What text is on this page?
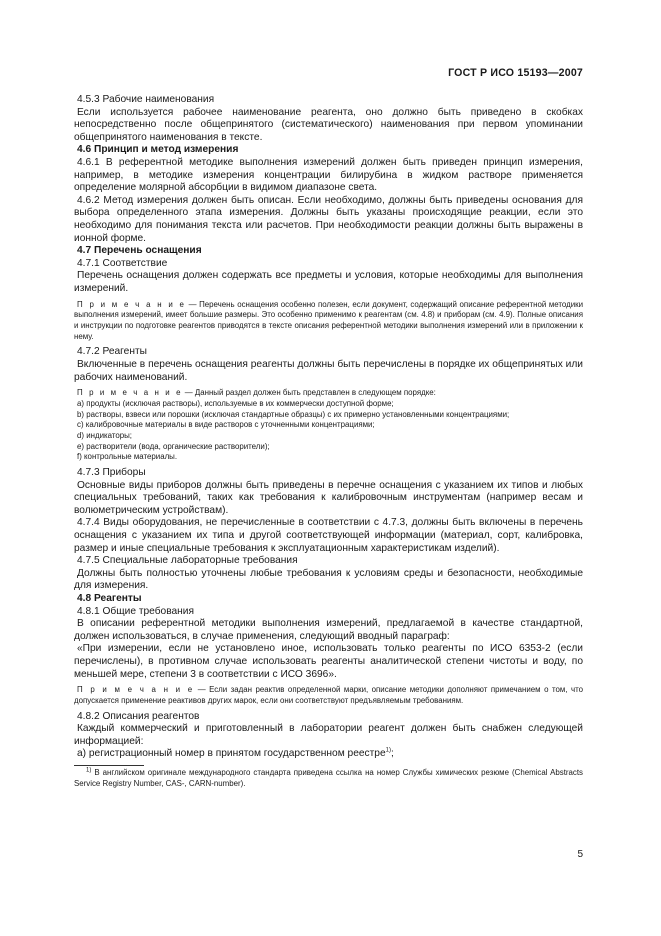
ГОСТ Р ИСО 15193—2007

4.5.3 Рабочие наименования

Если используется рабочее наименование реагента, оно должно быть приведено в скобках непосредственно после общепринятого (систематического) наименования при первом упоминании общепринятого наименования в тексте.

4.6 Принцип и метод измерения

4.6.1 В референтной методике выполнения измерений должен быть приведен принцип измерения, например, в методике измерения концентрации билирубина в жидком растворе применяется определение молярной абсорбции в видимом диапазоне света.

4.6.2 Метод измерения должен быть описан. Если необходимо, должны быть приведены основания для выбора определенного этапа измерения. Должны быть указаны происходящие реакции, если это необходимо для понимания текста или расчетов. При необходимости реакции должны быть выражены в ионной форме.

4.7 Перечень оснащения

4.7.1 Соответствие

Перечень оснащения должен содержать все предметы и условия, которые необходимы для выполнения измерений.

П р и м е ч а н и е — Перечень оснащения особенно полезен, если документ, содержащий описание референтной методики выполнения измерений, имеет большие размеры. Это особенно применимо к реагентам (см. 4.8) и приборам (см. 4.9). Полные описания и инструкции по подготовке реагентов приводятся в тексте описания референтной методики выполнения измерений или в приложении к нему.

4.7.2 Реагенты

Включенные в перечень оснащения реагенты должны быть перечислены в порядке их общепринятых или рабочих наименований.

П р и м е ч а н и е — Данный раздел должен быть представлен в следующем порядке:

a) продукты (исключая растворы), используемые в их коммерчески доступной форме;

b) растворы, взвеси или порошки (исключая стандартные образцы) с их примерно установленными концентрациями;

c) калибровочные материалы в виде растворов с уточненными концентрациями;

d) индикаторы;

e) растворители (вода, органические растворители);

f) контрольные материалы.

4.7.3 Приборы

Основные виды приборов должны быть приведены в перечне оснащения с указанием их типов и любых специальных требований, таких как требования к калибровочным инструментам (например весам и волюметрическим устройствам).

4.7.4 Виды оборудования, не перечисленные в соответствии с 4.7.3, должны быть включены в перечень оснащения с указанием их типа и другой соответствующей информации (материал, сорт, калибровка, размер и иные специальные требования к эксплуатационным характеристикам изделий).

4.7.5 Специальные лабораторные требования

Должны быть полностью уточнены любые требования к условиям среды и безопасности, необходимые для измерения.

4.8 Реагенты

4.8.1 Общие требования

В описании референтной методики выполнения измерений, предлагаемой в качестве стандартной, должен использоваться, в случае применения, следующий вводный параграф:

«При измерении, если не установлено иное, использовать только реагенты по ИСО 6353-2 (если перечислены), в противном случае использовать реагенты аналитической степени чистоты и воду, по меньшей мере, степени 3 в соответствии с ИСО 3696».

П р и м е ч а н и е — Если задан реактив определенной марки, описание методики дополняют примечанием о том, что допускается применение реактивов других марок, если они соответствуют предъявляемым требованиям.

4.8.2 Описания реагентов

Каждый коммерческий и приготовленный в лаборатории реагент должен быть снабжен следующей информацией:

a) регистрационный номер в принятом государственном реестре$^{1)}$;

$^{1)}$ В английском оригинале международного стандарта приведена ссылка на номер Службы химических резюме (Chemical Abstracts Service Registry Number, CAS-, CARN-number).

5
